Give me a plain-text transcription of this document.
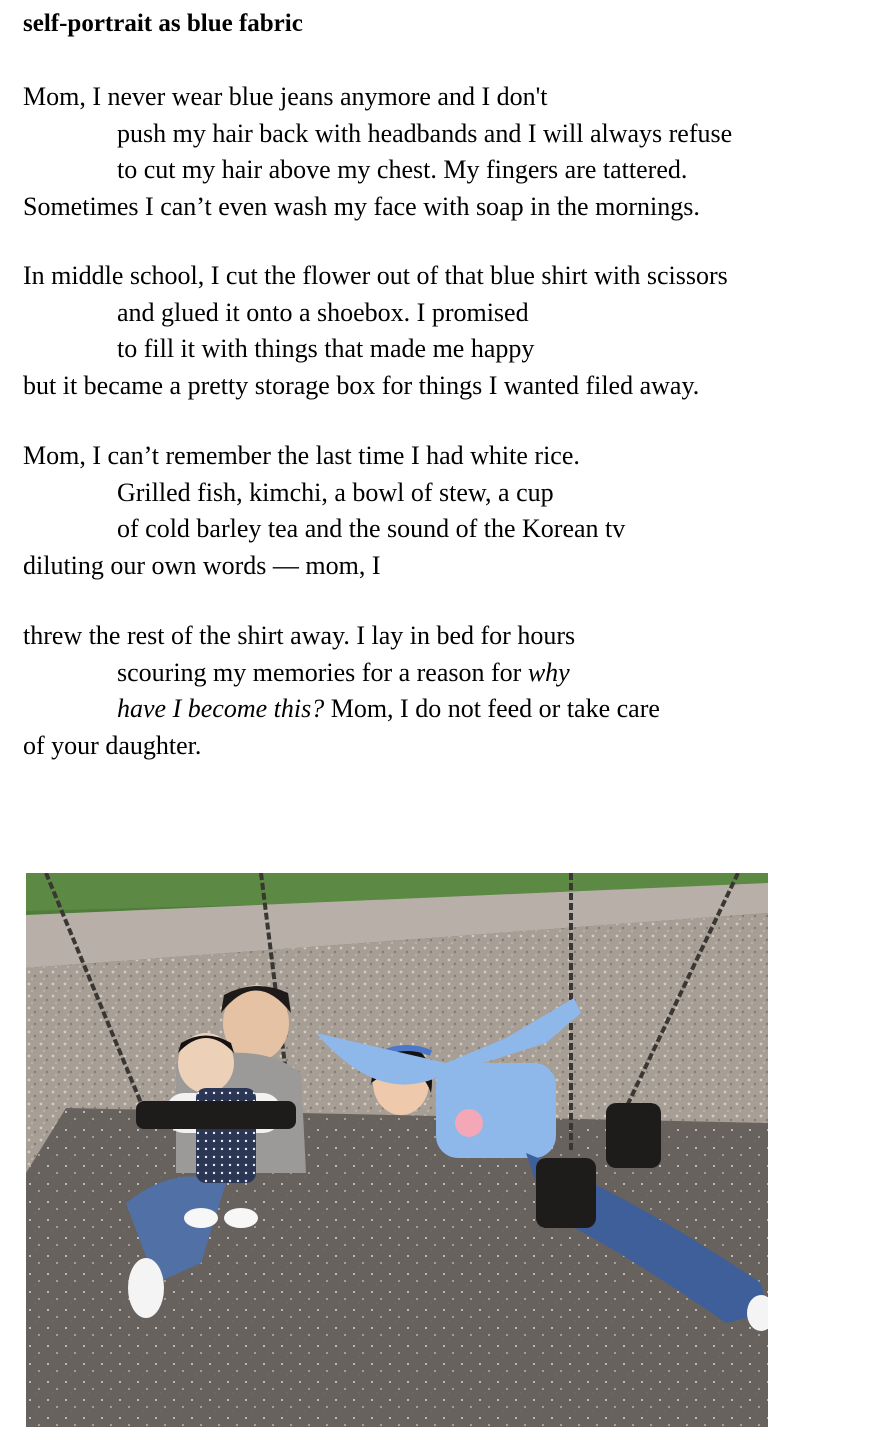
self-portrait as blue fabric
Mom, I never wear blue jeans anymore and I don't
push my hair back with headbands and I will always refuse
to cut my hair above my chest. My fingers are tattered.
Sometimes I can’t even wash my face with soap in the mornings.
In middle school, I cut the flower out of that blue shirt with scissors
and glued it onto a shoebox. I promised
to fill it with things that made me happy
but it became a pretty storage box for things I wanted filed away.
Mom, I can’t remember the last time I had white rice.
Grilled fish, kimchi, a bowl of stew, a cup
of cold barley tea and the sound of the Korean tv
diluting our own words — mom, I
threw the rest of the shirt away. I lay in bed for hours
scouring my memories for a reason for why
have I become this? Mom, I do not feed or take care
of your daughter.
